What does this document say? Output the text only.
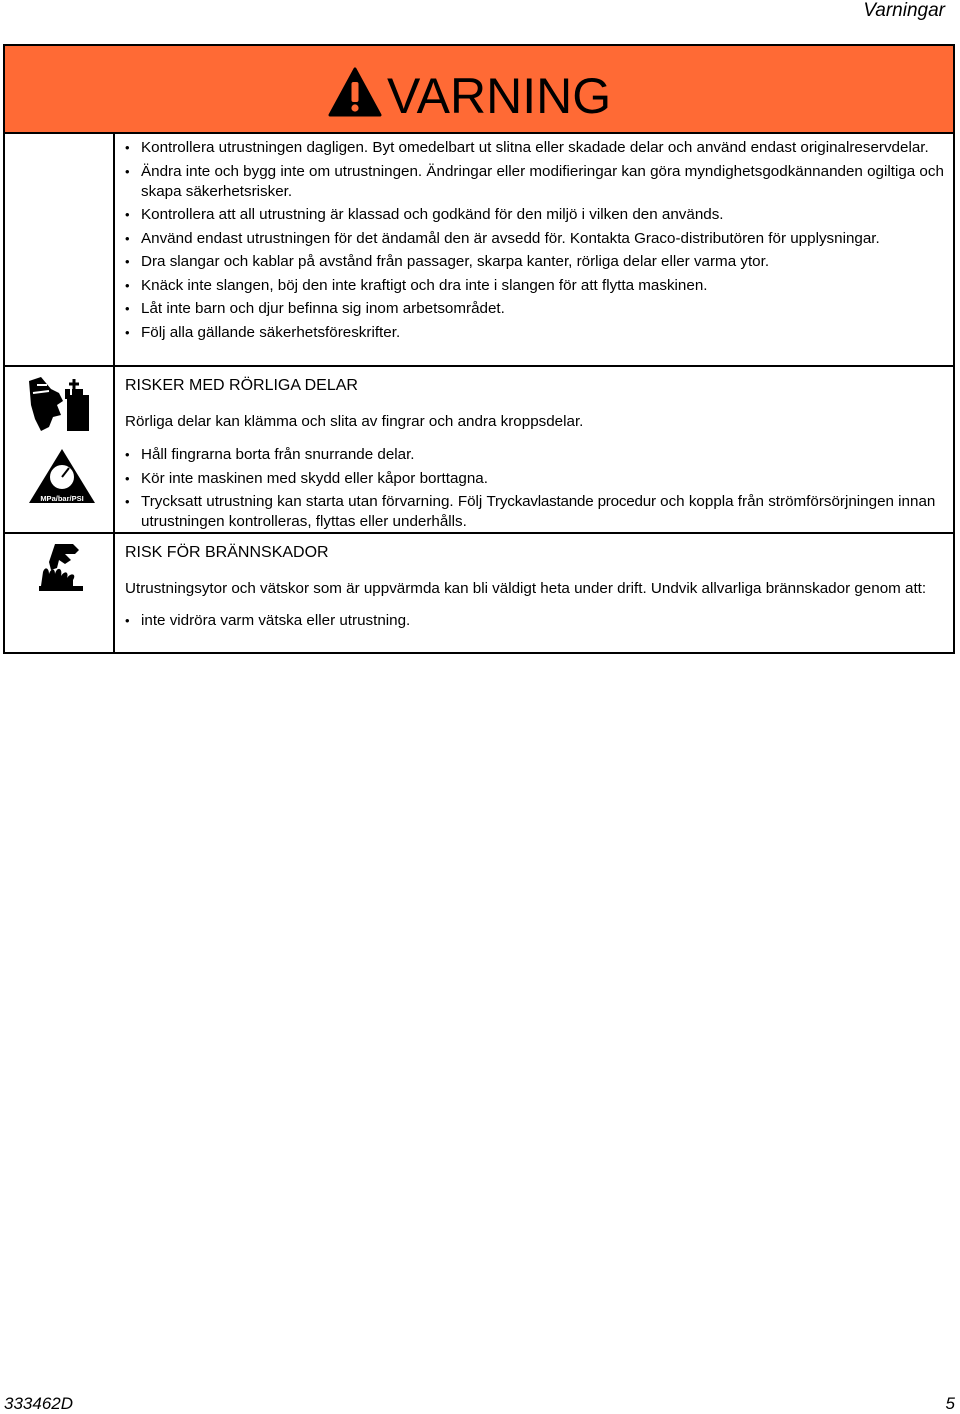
Varningar
VARNING
• Kontrollera utrustningen dagligen. Byt omedelbart ut slitna eller skadade delar och använd endast originalreservdelar.
• Ändra inte och bygg inte om utrustningen. Ändringar eller modifieringar kan göra myndighetsgodkännanden ogiltiga och skapa säkerhetsrisker.
• Kontrollera att all utrustning är klassad och godkänd för den miljö i vilken den används.
• Använd endast utrustningen för det ändamål den är avsedd för. Kontakta Graco-distributören för upplysningar.
• Dra slangar och kablar på avstånd från passager, skarpa kanter, rörliga delar eller varma ytor.
• Knäck inte slangen, böj den inte kraftigt och dra inte i slangen för att flytta maskinen.
• Låt inte barn och djur befinna sig inom arbetsområdet.
• Följ alla gällande säkerhetsföreskrifter.
MPa/bar/PSI
RISKER MED RÖRLIGA DELAR
Rörliga delar kan klämma och slita av fingrar och andra kroppsdelar.
• Håll fingrarna borta från snurrande delar.
• Kör inte maskinen med skydd eller kåpor borttagna.
• Trycksatt utrustning kan starta utan förvarning. Följ Tryckavlastande procedur och koppla från strömförsörjningen innan utrustningen kontrolleras, flyttas eller underhålls.
RISK FÖR BRÄNNSKADOR
Utrustningsytor och vätskor som är uppvärmda kan bli väldigt heta under drift. Undvik allvarliga brännskador genom att:
• inte vidröra varm vätska eller utrustning.
333462D	5
